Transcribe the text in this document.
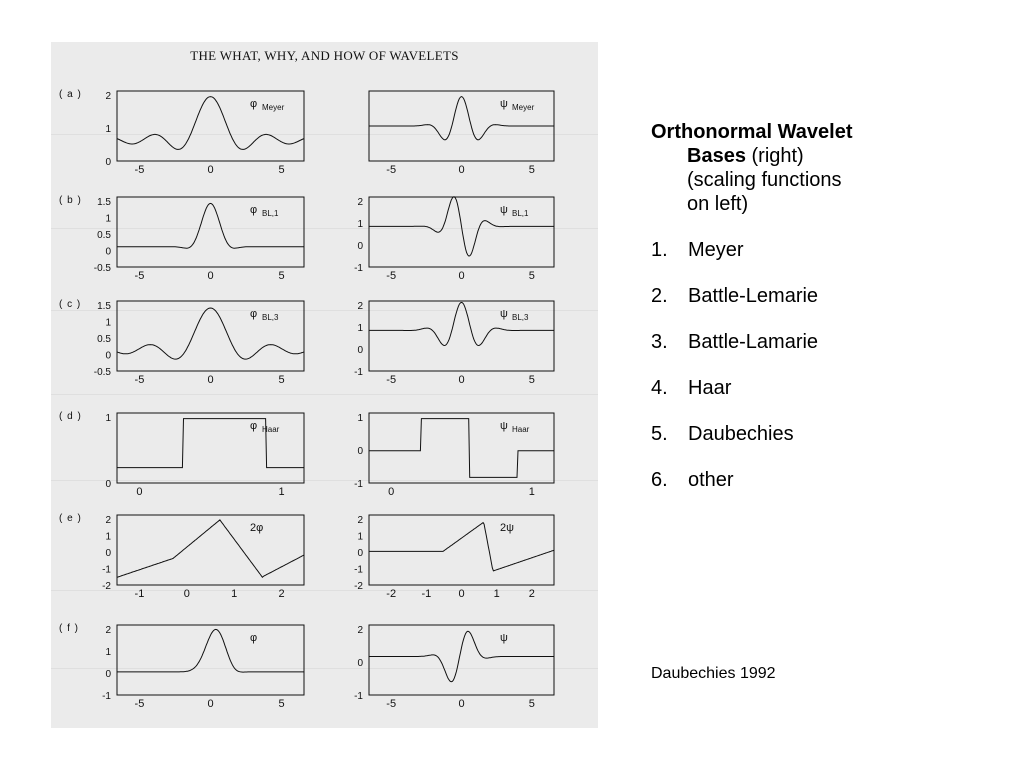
THE WHAT, WHY, AND HOW OF WAVELETS
( a ) 2
1
0
-5	0	5
φ Meyer
-5	0	5
ψ Meyer
( b ) 1.5
1
0.5
0
-0.5
-5	0	5
φ BL,1
2
1
0
-1
-5	0	5
ψ BL,1
( c ) 1.5
1
0.5
0
-0.5
-5	0	5
φ BL,3
2
1
0
-1
-5	0	5
ψ BL,3
( d ) 1
0
0	1
φ Haar
1
0
-1
0	1
ψ Haar
( e ) 2
1
0
-1
-2
-1	0	1	2
2φ
2
1
0
-1
-2
-2 -1 0	1	2
2ψ
( f )	2
1
0
-1
-5	0	5
φ
2
0
-1
-5	0	5
ψ
Orthonormal Wavelet
Bases (right)
(scaling functions
on left)
1.	Meyer
2.	Battle-Lemarie
3.	Battle-Lamarie
4.	Haar
5.	Daubechies
6.	other
Daubechies 1992
